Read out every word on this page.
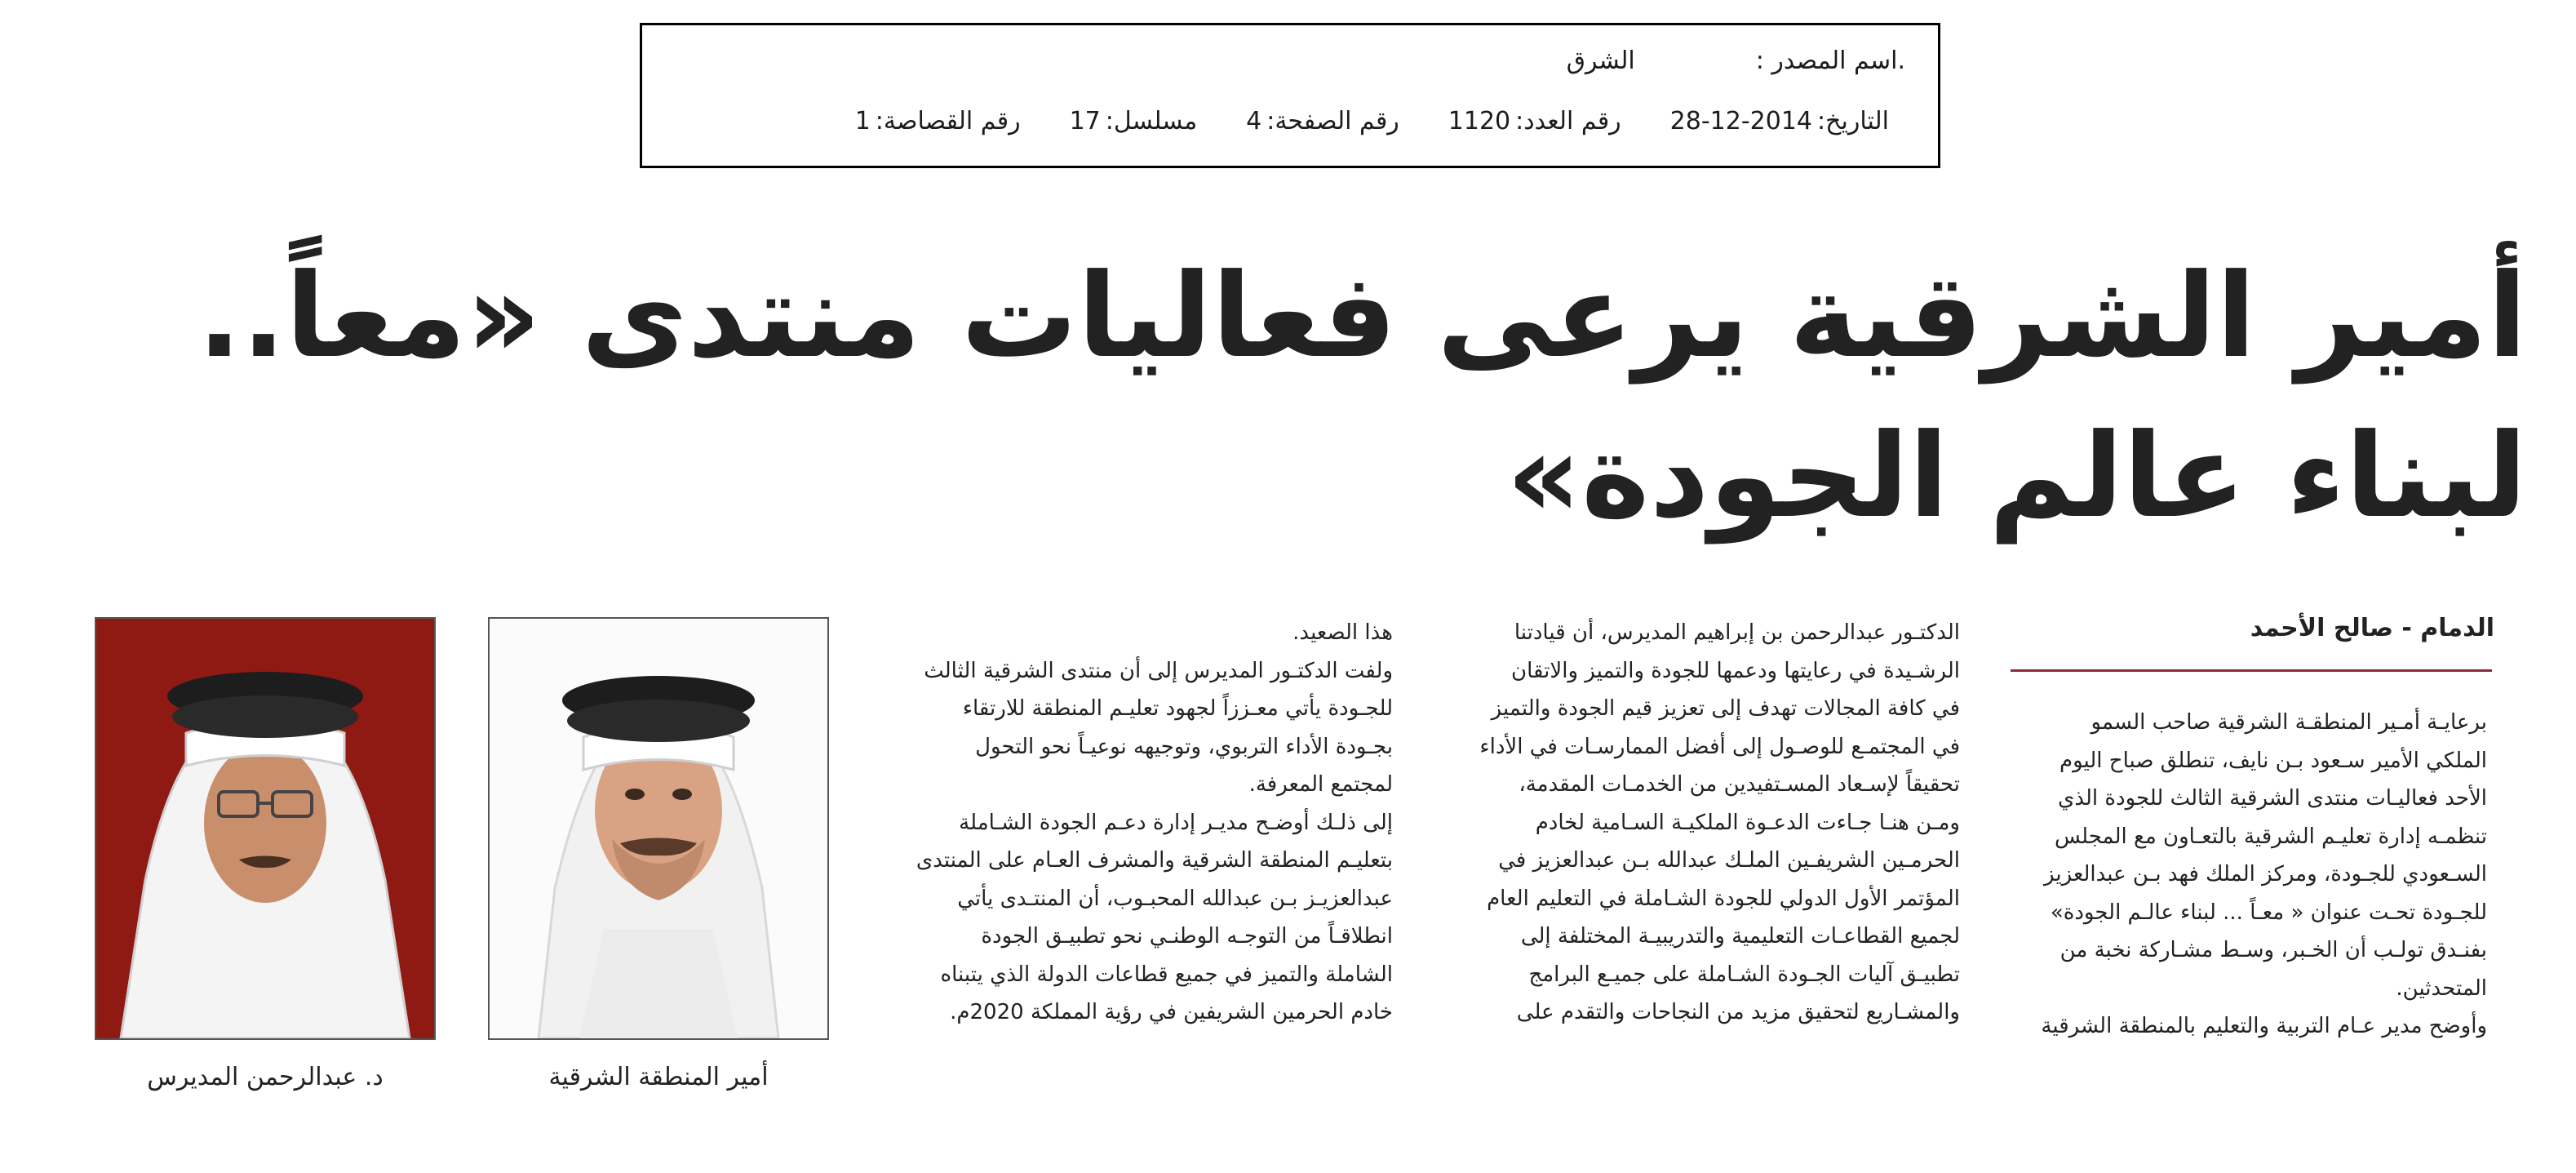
.
اسم المصدر :
الشرق
التاريخ:
28-12-2014
رقم العدد:
1120
رقم الصفحة:
4
مسلسل:
17
رقم القصاصة:
1
أمير الشرقية يرعى فعاليات منتدى «معاً..
لبناء عالم الجودة»
الدمام - صالح الأحمد
برعايـة أمـير المنطقـة الشرقية صاحب السمو
الملكي الأمير سـعود بـن نايف، تنطلق صباح اليوم
الأحد فعاليـات منتدى الشرقية الثالث للجودة الذي
تنظمـه إدارة تعليـم الشرقية بالتعـاون مع المجلس
السـعودي للجـودة، ومركز الملك فهد بـن عبدالعزيز
للجـودة تحـت عنوان « معـاً ... لبناء عالـم الجودة»
بفنـدق تولـب أن الخـبر، وسـط مشـاركة نخبة من
المتحدثين.
وأوضح مدير عـام التربية والتعليم بالمنطقة الشرقية
الدكتـور عبدالرحمن بن إبراهيم المديرس، أن قيادتنا
الرشـيدة في رعايتها ودعمها للجودة والتميز والاتقان
في كافة المجالات تهدف إلى تعزيز قيم الجودة والتميز
في المجتمـع للوصـول إلى أفضل الممارسـات في الأداء
تحقيقاً لإسـعاد المسـتفيدين من الخدمـات المقدمة،
ومـن هنـا جـاءت الدعـوة الملكيـة السـامية لخادم
الحرمـين الشريفـين الملـك عبدالله بـن عبدالعزيز في
المؤتمر الأول الدولي للجودة الشـاملة في التعليم العام
لجميع القطاعـات التعليمية والتدريبيـة المختلفة إلى
تطبيـق آليات الجـودة الشـاملة على جميـع البرامج
والمشـاريع لتحقيق مزيد من النجاحات والتقدم على
هذا الصعيد.
ولفت الدكتـور المديرس إلى أن منتدى الشرقية الثالث
للجـودة يأتي معـززاً لجهود تعليـم المنطقة للارتقاء
بجـودة الأداء التربوي، وتوجيهه نوعيـاً نحو التحول
لمجتمع المعرفة.
إلى ذلـك أوضـح مديـر إدارة دعـم الجودة الشـاملة
بتعليـم المنطقة الشرقية والمشرف العـام على المنتدى
عبدالعزيـز بـن عبدالله المحبـوب، أن المنتـدى يأتي
انطلاقـاً من التوجـه الوطنـي نحو تطبيـق الجودة
الشاملة والتميز في جميع قطاعات الدولة الذي يتبناه
خادم الحرمين الشريفين في رؤية المملكة 2020م.
أمير المنطقة الشرقية
د. عبدالرحمن المديرس
